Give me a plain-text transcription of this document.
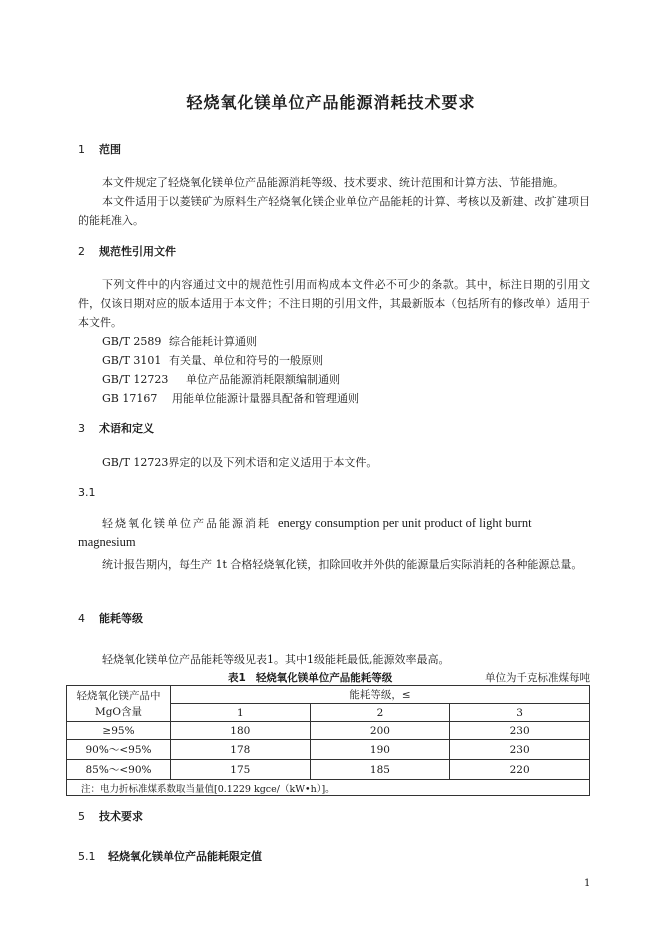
轻烧氧化镁单位产品能源消耗技术要求
1 范围

本文件规定了轻烧氧化镁单位产品能源消耗等级、技术要求、统计范围和计算方法、节能措施。

本文件适用于以菱镁矿为原料生产轻烧氧化镁企业单位产品能耗的计算、考核以及新建、改扩建项目的能耗准入。

2 规范性引用文件

下列文件中的内容通过文中的规范性引用而构成本文件必不可少的条款。其中，标注日期的引用文件，仅该日期对应的版本适用于本文件；不注日期的引用文件，其最新版本（包括所有的修改单）适用于本文件。

GB/T 2589 综合能耗计算通则
GB/T 3101 有关量、单位和符号的一般原则
GB/T 12723 单位产品能源消耗限额编制通则
GB 17167 用能单位能源计量器具配备和管理通则
3 术语和定义

GB/T 12723界定的以及下列术语和定义适用于本文件。

3.1

轻烧氧化镁单位产品能源消耗 energy consumption per unit product of light burnt magnesium

统计报告期内，每生产 1t 合格轻烧氧化镁，扣除回收并外供的能源量后实际消耗的各种能源总量。

4 能耗等级

轻烧氧化镁单位产品能耗等级见表1。其中1级能耗最低,能源效率最高。

表1 轻烧氧化镁单位产品能耗等级	单位为千克标准煤每吨

轻烧氧化镁产品中MgO含量	能耗等级，≤		
	1	2	3
≥95%	180	200	230
90%～<95%	178	190	230
85%～<90%	175	185	220
注：电力折标准煤系数取当量值[0.1229 kgce/（kW•h）]。			
5 技术要求
5.1 轻烧氧化镁单位产品能耗限定值

1
